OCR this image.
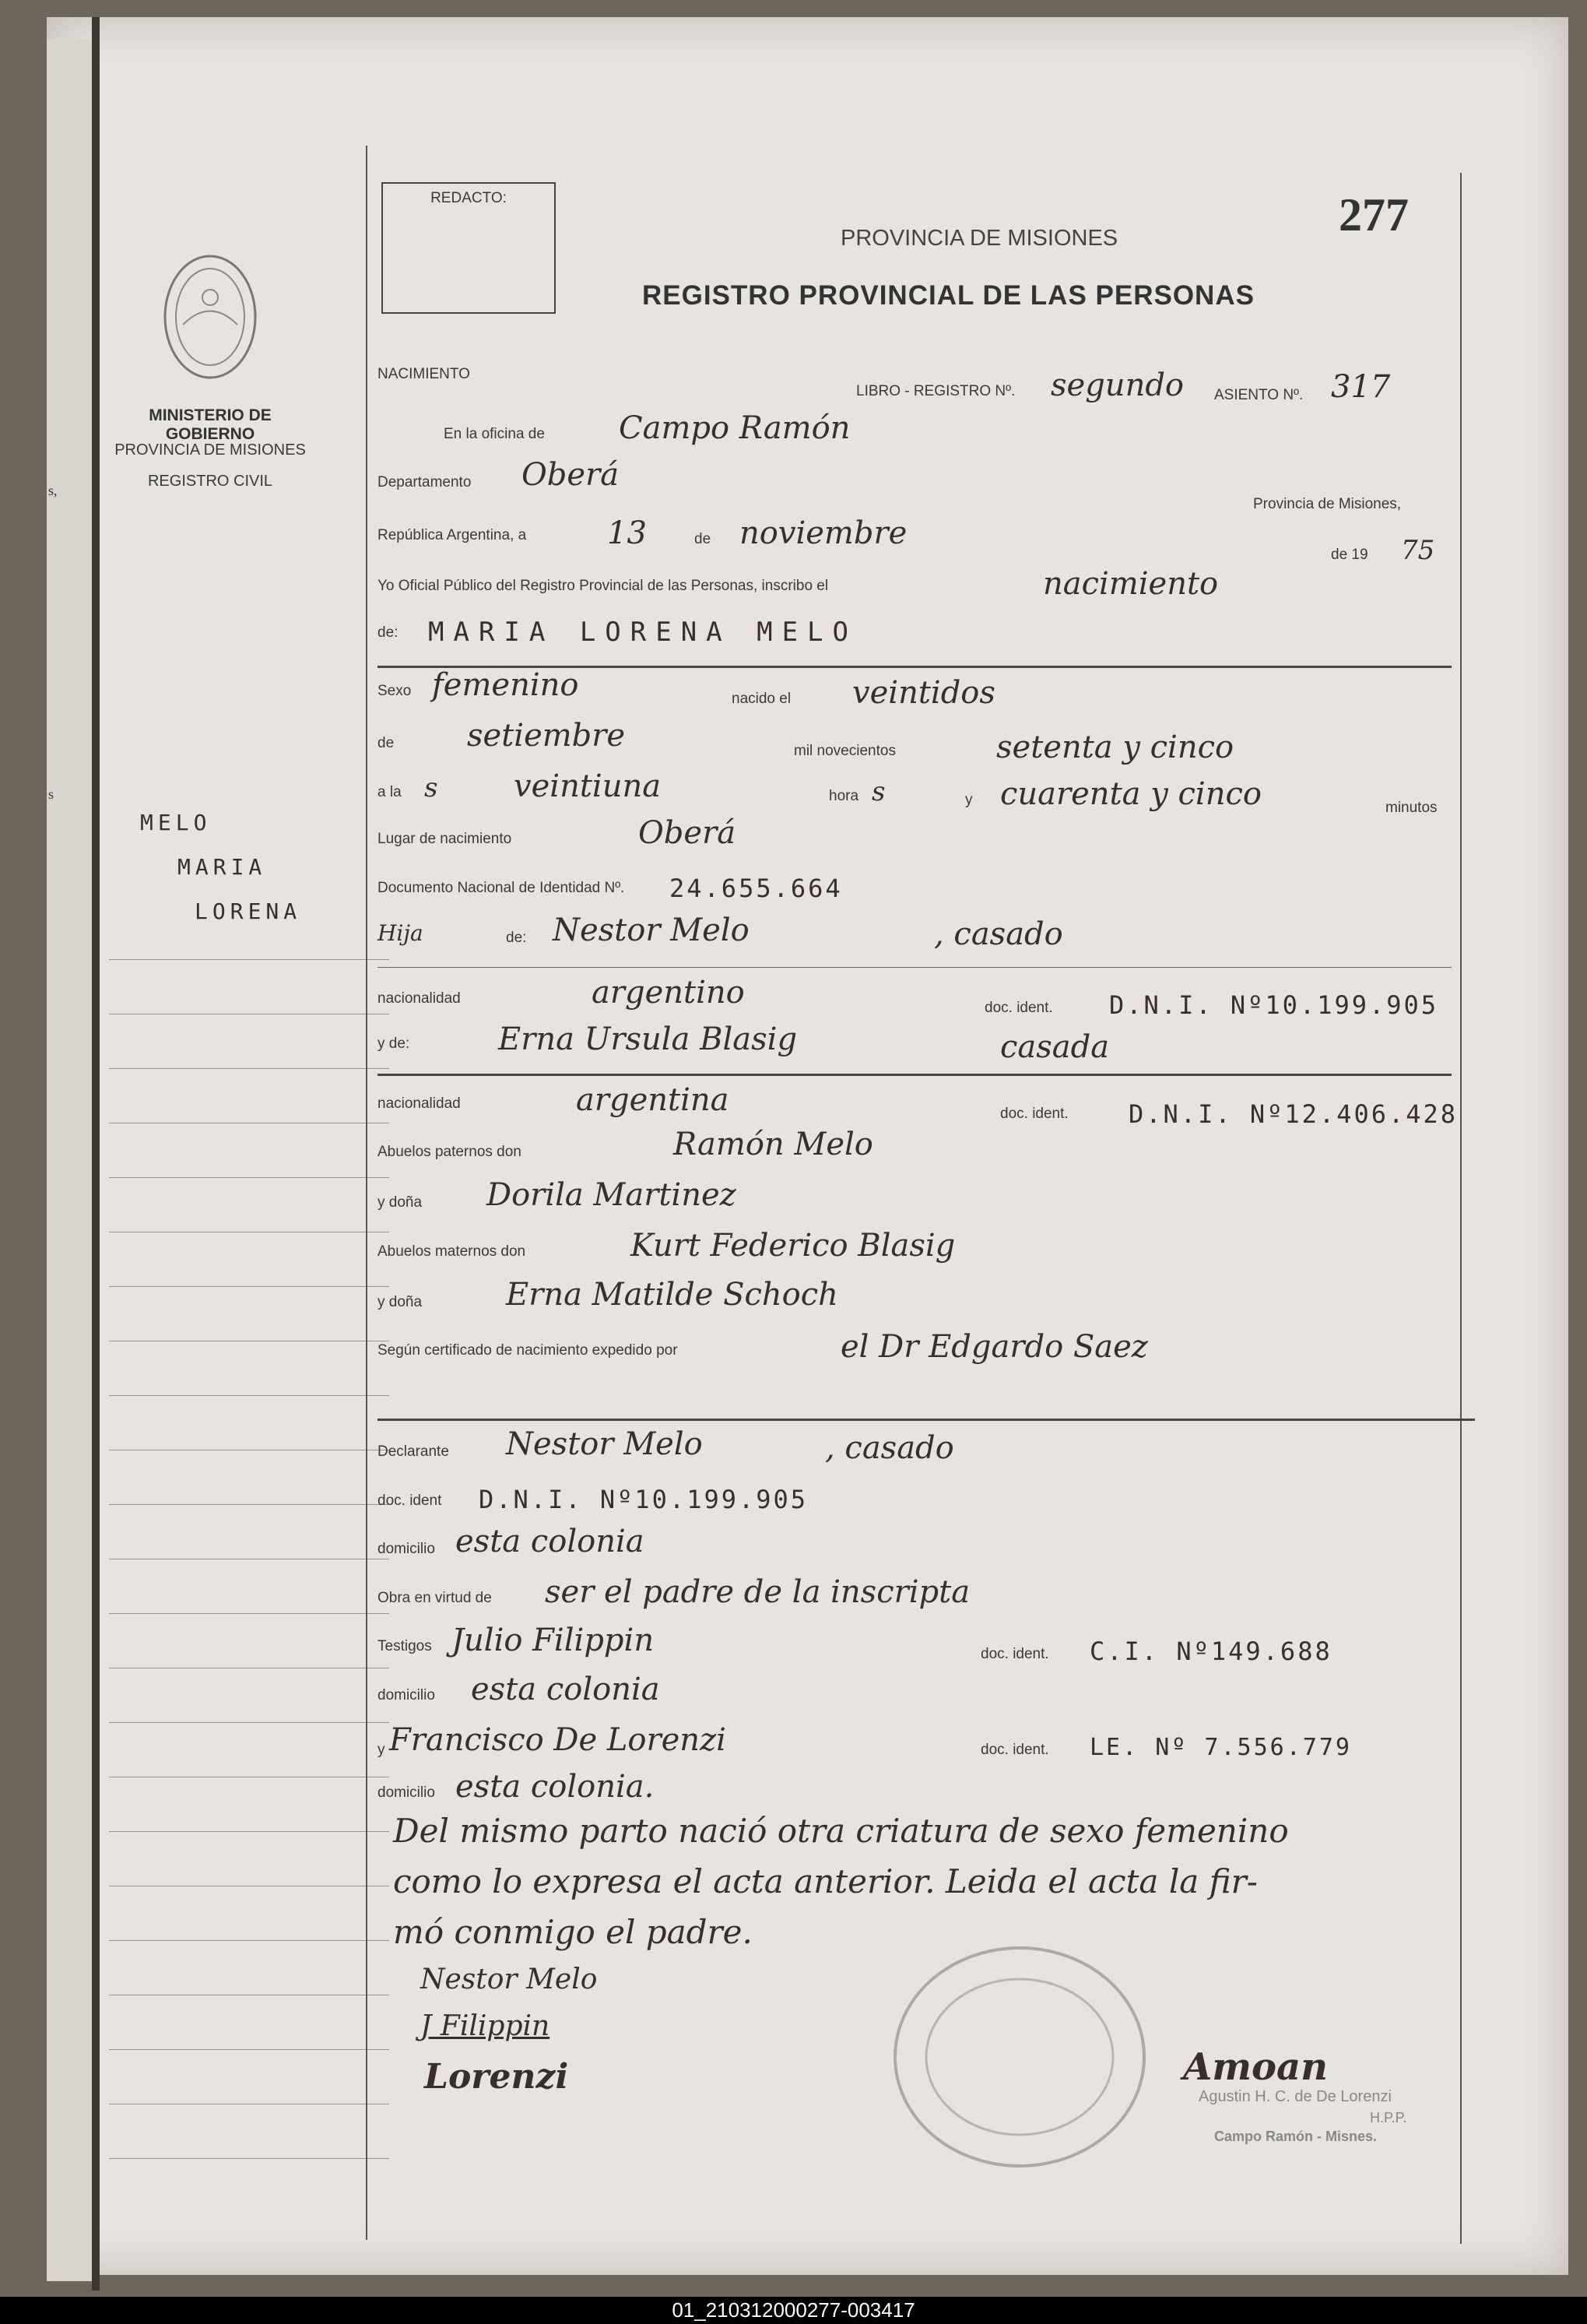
s,
s
MINISTERIO DE GOBIERNO
PROVINCIA DE MISIONES
REGISTRO CIVIL
MELO
MARIA
LORENA
REDACTO:
PROVINCIA DE MISIONES	277
REGISTRO PROVINCIAL DE LAS PERSONAS
NACIMIENTO
LIBRO - REGISTRO Nº. segundo ASIENTO Nº. 317
En la oficina de Campo Ramón
Departamento Oberá
Provincia de Misiones,
República Argentina, a	13	de noviembre
de 19 75
Yo Oficial Público del Registro Provincial de las Personas, inscribo el	nacimiento
de: MARIA LORENA MELO
Sexo femenino	nacido el veintidos
de setiembre	mil novecientos	setenta y cinco
a la s veintiuna	hora s	y cuarenta y cinco	minutos
Lugar de nacimiento	Oberá
Documento Nacional de Identidad Nº. 24.655.664
Hija	de: Nestor Melo	, casado
nacionalidad	argentino	doc. ident. D.N.I. Nº10.199.905
y de:	Erna Ursula Blasig	casada
nacionalidad	argentina	doc. ident. D.N.I. Nº12.406.428
Abuelos paternos don	Ramón Melo
y doña Dorila Martinez
Abuelos maternos don	Kurt Federico Blasig
y doña	Erna Matilde Schoch
Según certificado de nacimiento expedido por	el Dr Edgardo Saez
Declarante Nestor Melo	, casado
doc. ident D.N.I. Nº10.199.905
domicilio esta colonia
Obra en virtud de ser el padre de la inscripta
Testigos Julio Filippin	doc. ident. C.I. Nº149.688
domicilio esta colonia
y Francisco De Lorenzi	doc. ident. LE. Nº 7.556.779
domicilio esta colonia.
Del mismo parto nació otra criatura de sexo femenino
como lo expresa el acta anterior. Leida el acta la fir-
mó conmigo el padre.
Nestor Melo
J Filippin
Lorenzi	Amoan
Agustin H. C. de De Lorenzi
H.P.P.
Campo Ramón - Misnes.
01_210312000277-003417
